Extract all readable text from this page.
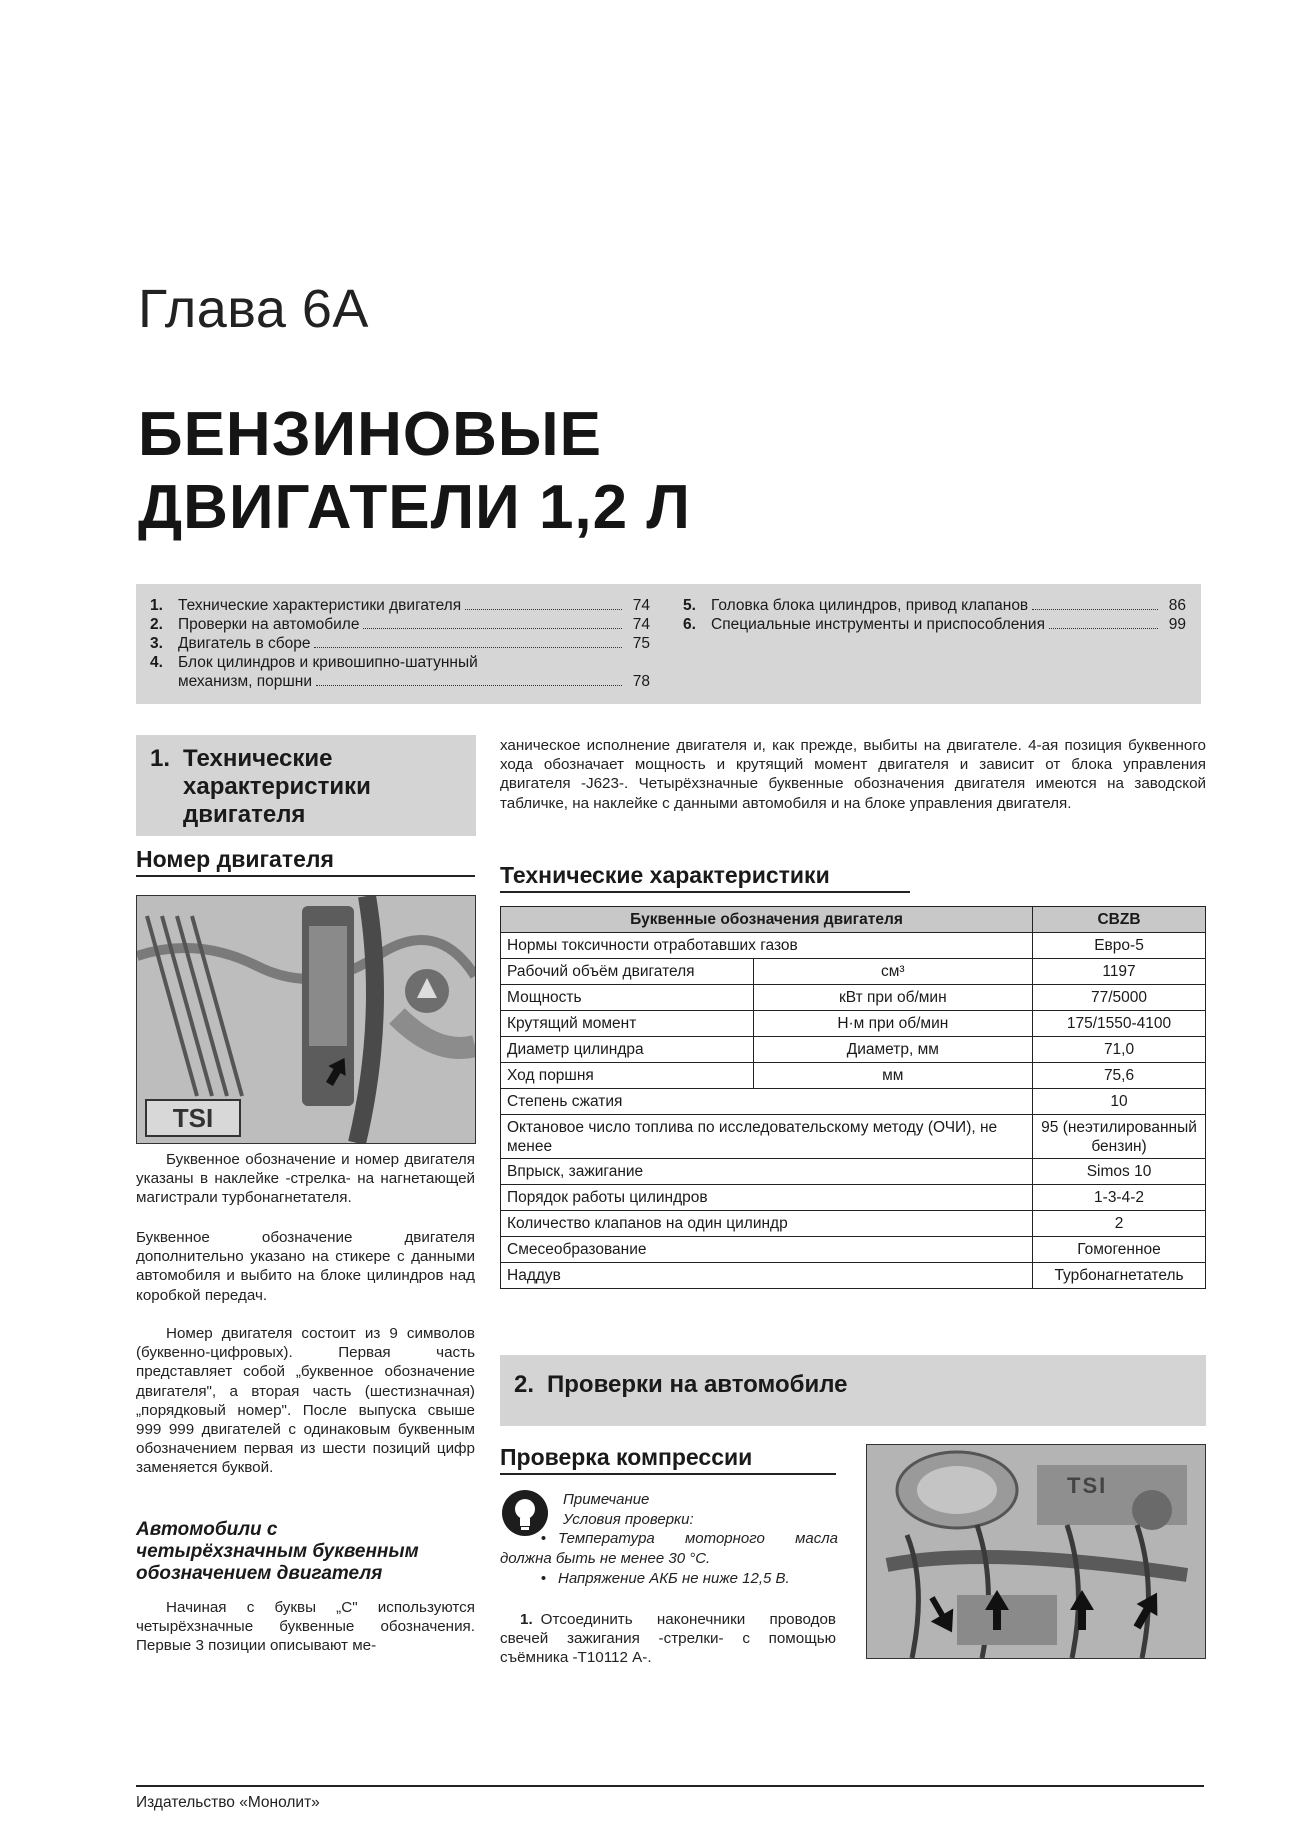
Глава 6А
БЕНЗИНОВЫЕ
ДВИГАТЕЛИ 1,2 Л
1. Технические характеристики двигателя	74
2. Проверки на автомобиле	74
3. Двигатель в сборе	75
4. Блок цилиндров и кривошипно-шатунный
механизм, поршни	78
5. Головка блока цилиндров, привод клапанов	86
6. Специальные инструменты и приспособления	99
1. Технические
характеристики
двигателя
ханическое исполнение двигателя и, как прежде, выбиты на двигателе. 4-ая позиция буквенного хода обозначает мощность и крутящий момент двигателя и зависит от блока управления двигателя -J623-. Четырёхзначные буквенные обозначения двигателя имеются на заводской табличке, на наклейке с данными автомобиля и на блоке управления двигателя.
Номер двигателя
TSI
Буквенное обозначение и номер двигателя указаны в наклейке -стрелка- на нагнетающей магистрали турбонагнетателя.
Буквенное обозначение двигателя дополнительно указано на стикере с данными автомобиля и выбито на блоке цилиндров над коробкой передач.
Номер двигателя состоит из 9 символов (буквенно-цифровых). Первая часть представляет собой „буквенное обозначение двигателя", а вторая часть (шестизначная) „порядковый номер". После выпуска свыше 999 999 двигателей с одинаковым буквенным обозначением первая из шести позиций цифр заменяется буквой.
Автомобили с
четырёхзначным буквенным
обозначением двигателя
Начиная с буквы „С" используются четырёхзначные буквенные обозначения. Первые 3 позиции описывают ме-
Технические характеристики
Буквенные обозначения двигателя		CBZB
Нормы токсичности отработавших газов		Евро-5
Рабочий объём двигателя	см³	1197
Мощность	кВт при об/мин	77/5000
Крутящий момент	Н·м при об/мин	175/1550-4100
Диаметр цилиндра	Диаметр, мм	71,0
Ход поршня	мм	75,6
Степень сжатия		10
Октановое число топлива по исследовательскому методу (ОЧИ), не менее		95 (неэтилированный бензин)
Впрыск, зажигание		Simos 10
Порядок работы цилиндров		1-3-4-2
Количество клапанов на один цилиндр		2
Смесеобразование		Гомогенное
Наддув		Турбонагнетатель
2. Проверки на автомобиле
Проверка компрессии
Примечание
Условия проверки:
• Температура моторного масла должна быть не менее 30 °С.
• Напряжение АКБ не ниже 12,5 В.
1. Отсоединить наконечники проводов свечей зажигания -стрелки- с помощью съёмника -Т10112 А-.
TSI
Издательство «Монолит»
